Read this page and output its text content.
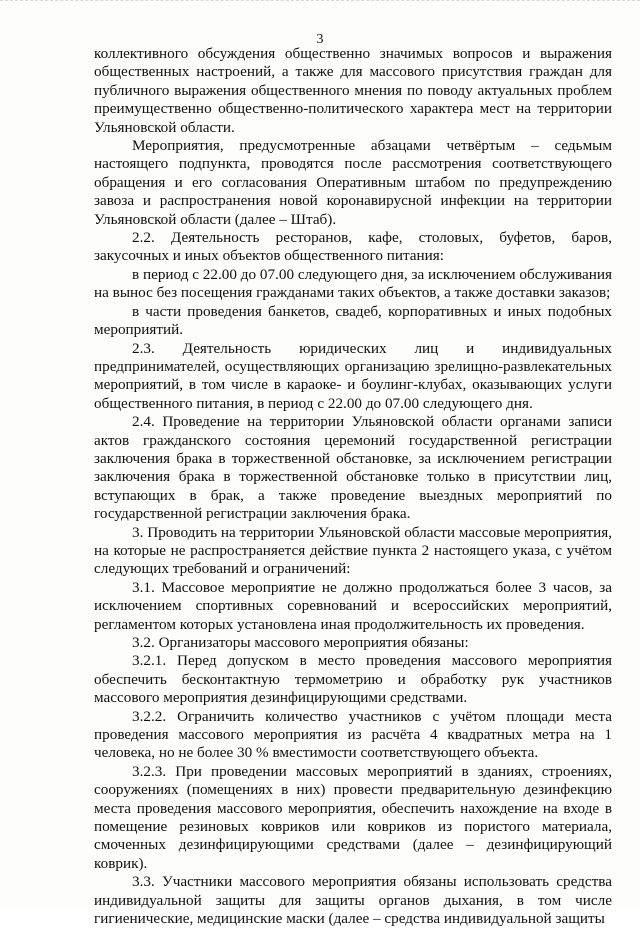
3

коллективного обсуждения общественно значимых вопросов и выражения общественных настроений, а также для массового присутствия граждан для публичного выражения общественного мнения по поводу актуальных проблем преимущественно общественно-политического характера мест на территории Ульяновской области.

Мероприятия, предусмотренные абзацами четвёртым – седьмым настоящего подпункта, проводятся после рассмотрения соответствующего обращения и его согласования Оперативным штабом по предупреждению завоза и распространения новой коронавирусной инфекции на территории Ульяновской области (далее – Штаб).

2.2. Деятельность ресторанов, кафе, столовых, буфетов, баров, закусочных и иных объектов общественного питания:

в период с 22.00 до 07.00 следующего дня, за исключением обслуживания на вынос без посещения гражданами таких объектов, а также доставки заказов;

в части проведения банкетов, свадеб, корпоративных и иных подобных мероприятий.

2.3. Деятельность юридических лиц и индивидуальных предпринимателей, осуществляющих организацию зрелищно-развлекательных мероприятий, в том числе в караоке- и боулинг-клубах, оказывающих услуги общественного питания, в период с 22.00 до 07.00 следующего дня.

2.4. Проведение на территории Ульяновской области органами записи актов гражданского состояния церемоний государственной регистрации заключения брака в торжественной обстановке, за исключением регистрации заключения брака в торжественной обстановке только в присутствии лиц, вступающих в брак, а также проведение выездных мероприятий по государственной регистрации заключения брака.

3. Проводить на территории Ульяновской области массовые мероприятия, на которые не распространяется действие пункта 2 настоящего указа, с учётом следующих требований и ограничений:

3.1. Массовое мероприятие не должно продолжаться более 3 часов, за исключением спортивных соревнований и всероссийских мероприятий, регламентом которых установлена иная продолжительность их проведения.

3.2. Организаторы массового мероприятия обязаны:

3.2.1. Перед допуском в место проведения массового мероприятия обеспечить бесконтактную термометрию и обработку рук участников массового мероприятия дезинфицирующими средствами.

3.2.2. Ограничить количество участников с учётом площади места проведения массового мероприятия из расчёта 4 квадратных метра на 1 человека, но не более 30 % вместимости соответствующего объекта.

3.2.3. При проведении массовых мероприятий в зданиях, строениях, сооружениях (помещениях в них) провести предварительную дезинфекцию места проведения массового мероприятия, обеспечить нахождение на входе в помещение резиновых ковриков или ковриков из пористого материала, смоченных дезинфицирующими средствами (далее – дезинфицирующий коврик).

3.3. Участники массового мероприятия обязаны использовать средства индивидуальной защиты для защиты органов дыхания, в том числе гигиенические, медицинские маски (далее – средства индивидуальной защиты
